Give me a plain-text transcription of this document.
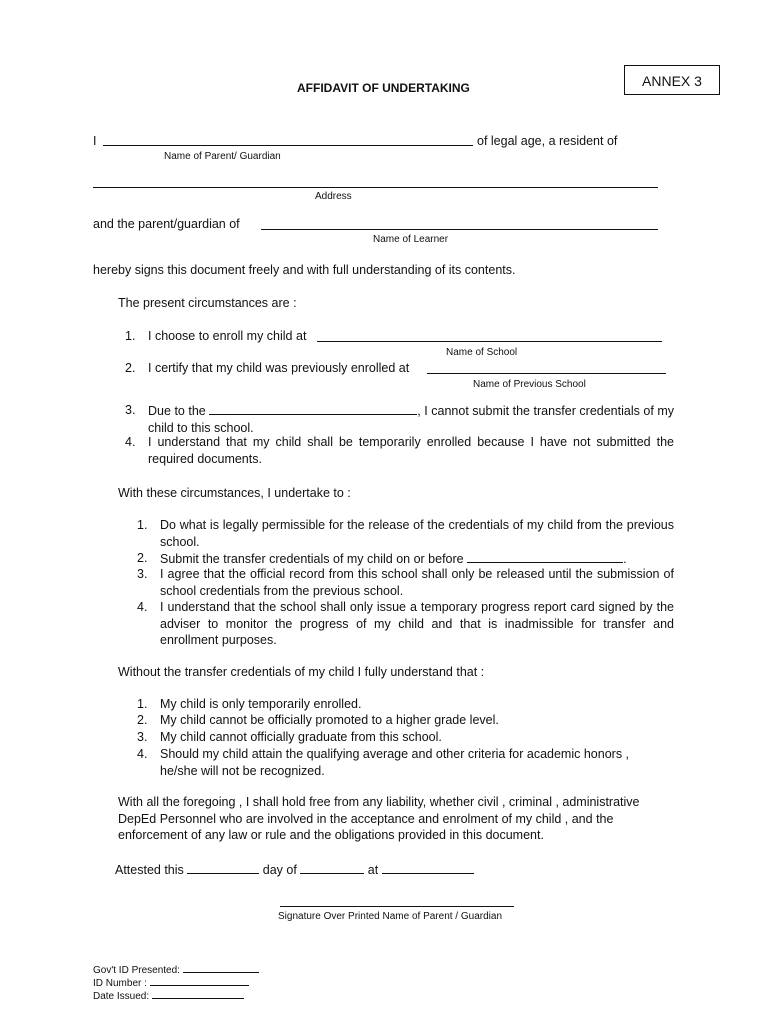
ANNEX 3
AFFIDAVIT OF UNDERTAKING
I	of legal age, a resident of
Name of Parent/ Guardian
Address
and the parent/guardian of
Name of Learner
hereby signs this document freely and with full understanding of its contents.
The present circumstances are :
1. I choose to enroll my child at
Name of School
2. I certify that my child was previously enrolled at
Name of Previous School
3. Due to the	, I cannot submit the transfer credentials of my child to this school.
4. I understand that my child shall be temporarily enrolled because I have not submitted the required documents.
With these circumstances, I undertake to :
1. Do what is legally permissible for the release of the credentials of my child from the previous school.
2. Submit the transfer credentials of my child on or before	.
3. I agree that the official record from this school shall only be released until the submission of school credentials from the previous school.
4. I understand that the school shall only issue a temporary progress report card signed by the adviser to monitor the progress of my child and that is inadmissible for transfer and enrollment purposes.
Without the transfer credentials of my child I fully understand that :
1. My child is only temporarily enrolled.
2. My child cannot be officially promoted to a higher grade level.
3. My child cannot officially graduate from this school.
4. Should my child attain the qualifying average and other criteria for academic honors , he/she will not be recognized.
With all the foregoing , I shall hold free from any liability, whether civil , criminal , administrative DepEd Personnel who are involved in the acceptance and enrolment of my child , and the enforcement of any law or rule and the obligations provided in this document.
Attested this	day of	at
Signature Over Printed Name of Parent / Guardian
Gov't ID Presented:
ID Number :
Date Issued:
